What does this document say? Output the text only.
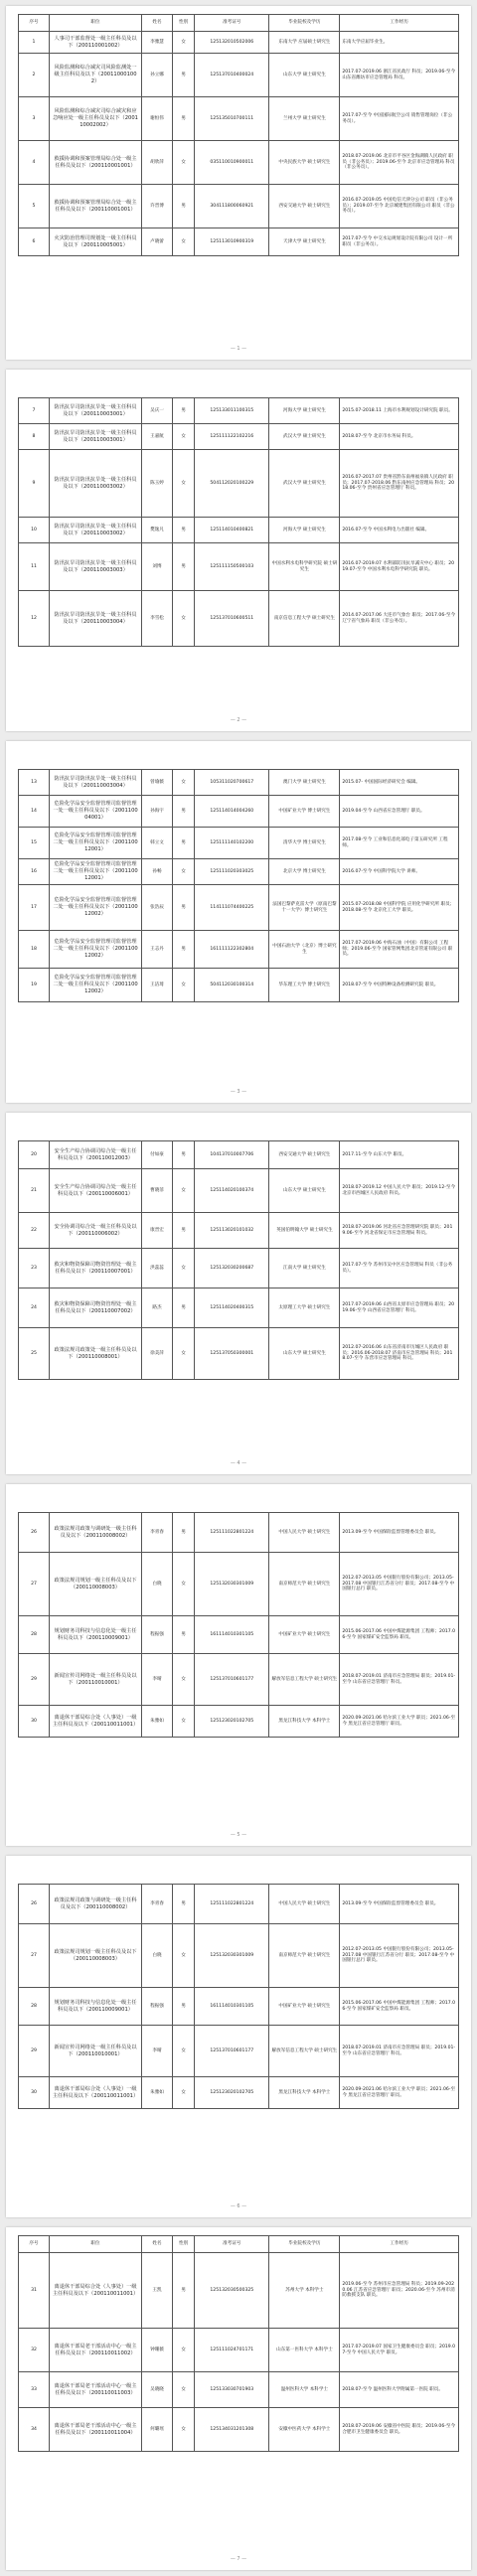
序号	职位	姓名	性别	准考证号	毕业院校及学历	工作经历
1	人事司干部监督处一级主任科员及以下（200110001002）	李雅慧	女	125132010502006	东南大学 应届硕士研究生	东南大学应届毕业生。
2	风险监测和综合减灾司风险监测处一级主任科员及以下（200110001002）	孙立娜	男	125137010400024	山东大学 硕士研究生	2017.07-2019.06 浙江省民政厅 科员；2019.06-至今 山东省潍坊市应急管理局 科员。
3	风险监测和综合减灾司综合减灾和应急响应处一级主任科员及以下（200110002002）	谢恒伟	男	125135010700111	兰州大学 硕士研究生	2017.07-至今 中国国际航空公司 销售管理岗位（非公务员）。
4	救援协调和预案管理局综合处一级主任科员及以下（200110001001）	胡欣萍	女	035110010900011	中央民族大学 硕士研究生	2018.07-2019.06 北京市平谷区金海湖镇人民政府 职员（非公务员）；2019.06-至今 北京市应急管理局 科员（非公务员）。
5	救援协调和预案管理局综合处一级主任科员及以下（200110001001）	许晋博	男	304111800060921	西安交通大学 硕士研究生	2016.07-2019.05 中国电信天津分公司 职员（非公务员）；2019.07-至今 北京城建集团有限公司 职员（非公务员）。
6	火灾防治管理司规划处一级主任科员及以下（200110005001）	卢晓蕾	女	125113010900319	天津大学 硕士研究生	2017.07-至今 中交水运规划设计院有限公司 设计一所 职员（非公务员）。
— 1 —
7	防汛抗旱司防汛抗旱处一级主任科员及以下（200110003001）	吴庆一	男	125133011100315	河海大学 硕士研究生	2015.07-2018.11 上海市水利规划设计研究院 职员。
8	防汛抗旱司防汛抗旱处一级主任科员及以下（200110003001）	王嘉航	女	125111122102216	武汉大学 硕士研究生	2018.07-至今 北京市水务局 科员。
9	防汛抗旱司防汛抗旱处一级主任科员及以下（200110003002）	陈玉婷	女	504112020100229	武汉大学 硕士研究生	2016.07-2017.07 贵州省黔东南州福泉镇人民政府 职员；2017.07-2018.06 黔东南州应急管理局 科员；2018.06-至今 贵州省应急管理厅 科员。
10	防汛抗旱司防汛抗旱处一级主任科员及以下（200110003002）	樊逸凡	男	125114010400821	河海大学 硕士研究生	2016.07-至今 中国水利电力出版社 编辑。
11	防汛抗旱司防汛抗旱处一级主任科员及以下（200110003003）	刘博	男	125111150500103	中国水利水电科学研究院 硕士研究生	2016.07-2019.07 水利部防汛抗旱减灾中心 职员；2019.07-至今 中国水利水电科学研究院 职员。
12	防汛抗旱司防汛抗旱处一级主任科员及以下（200110003004）	李雪松	女	125137010600511	南京信息工程大学 硕士研究生	2014.07-2017.06 大连市气象台 职员；2017.06-至今 辽宁省气象局 职员（非公务员）。
— 2 —
13	防汛抗旱司防汛抗旱处一级主任科员及以下（200110003004）	曾瑜薇	女	105311020700617	澳门大学 硕士研究生	2015.07- 中国国际经济研究会 编辑。
14	危险化学品安全监督管理司监督管理一处一级主任科员及以下（200110004001）	孙海宇	男	125114014004260	中国矿业大学 博士研究生	2019.04-至今 山西省应急管理厅 职员。
15	危险化学品安全监督管理司监督管理二处一级主任科员及以下（200110012001）	韩立文	男	125111140102200	清华大学 博士研究生	2017.08-至今 工业和信息化部电子第五研究所 工程师。
16	危险化学品安全监督管理司监督管理二处一级主任科员及以下（200110012001）	孙畅	女	125111020303025	北京大学 博士研究生	2016.07-至今 中国科学院大学 讲师。
17	危险化学品安全监督管理司监督管理二处一级主任科员及以下（200110012002）	张浩辰	男	114111074400225	法国巴黎萨克雷大学（原南巴黎十一大学）博士研究生	2015.07-2018.08 中国科学院 应用化学研究所 职员；2018.08-至今 北京化工大学 职员。
18	危险化学品安全监督管理司监督管理二处一级主任科员及以下（200110012002）	王志丹	男	161111122302804	中国石油大学（北京）博士研究生	2017.07-2019.06 中海石油（中国）有限公司 工程师；2019.06-至今 国家管网集团北京管道有限公司 职员。
19	危险化学品安全监督管理司监督管理二处一级主任科员及以下（200110012002）	王洁琦	女	504112030100314	华东理工大学 博士研究生	2018.07-至今 中国特种设备检测研究院 职员。
— 3 —
20	安全生产综合协调司综合处一级主任科员及以下（200110012003）	付如豪	男	104137010007706	西安交通大学 硕士研究生	2017.11-至今 山东大学 职员。
21	安全生产综合协调司综合处一级主任科员及以下（200110006001）	曹晓菲	女	125114020100374	山东大学 硕士研究生	2018.07-2019.12 中国人民大学 职员；2019.12-至今 北京市西城区人民政府 科员。
22	安全协调司综合处一级主任科员及以下（200110006002）	康晋宏	男	125113020101032	英国伯明翰大学 硕士研究生	2018.07-2019.06 河北省应急管理研究院 职员；2019.06-至今 河北省保定市应急管理局 科员。
23	救灾和物资保障司物资管理处一级主任科员及以下（200110007001）	洪蕊蕊	女	125132030200687	江南大学 硕士研究生	2017.07-至今 苏州市吴中区应急管理局 科员（非公务员）。
24	救灾和物资保障司物资管理处一级主任科员及以下（200110007002）	路杰	男	125114020400315	太原理工大学 硕士研究生	2017.07-2019.06 山西省太原市应急管理局 职员；2019.06-至今 山西省应急管理厅 科员。
25	政策法规司政策处一级主任科员及以下（200110008001）	徐美萍	女	125137050300001	山东大学 硕士研究生	2012.07-2016.06 山东省济南市历城区人民政府 职员；2016.06-2018.07 济南市应急管理局 科员；2018.07-至今 东营市应急管理局 科员。
— 4 —
26	政策法规司政策与调研处一级主任科员及以下（200110008002）	李青春	男	125111022801224	中国人民大学 硕士研究生	2013.09-至今 中国保险监督管理委员会 职员。
27	政策法规司规划一级主任科员及以下（200110008003）	白晓	女	125132030301009	南京师范大学 硕士研究生	2012.07-2013.05 中国银行股份有限公司；2013.05-2017.08 中国银行江苏省分行 职员；2017.08-至今 中国银行总行 职员。
28	规划财务司科技与信息化处一级主任科员及以下（200110009001）	程振强	男	161114010301105	中国矿业大学 硕士研究生	2015.06-2017.06 中国中煤能源集团 工程师；2017.06-至今 国家煤矿安全监察局 职员。
29	新闻宣传司网络处一级主任科员及以下（200110010001）	李晴	女	125137010601177	解放军信息工程大学 硕士研究生	2018.07-2019.01 济南市应急管理局 职员；2019.01-至今 山东省应急管理厅 科员。
30	离退休干部局综合处（人事处）一级主任科员及以下（200110011001）	朱雅如	女	125123020102705	黑龙江科技大学 本科学士	2020.09-2021.06 哈尔滨工业大学 职员；2021.06-至今 黑龙江省应急管理厅 职员。
— 5 —
26	政策法规司政策与调研处一级主任科员及以下（200110008002）	李青春	男	125111022801224	中国人民大学 硕士研究生	2013.09-至今 中国保险监督管理委员会 职员。
27	政策法规司规划一级主任科员及以下（200110008003）	白晓	女	125132030301009	南京师范大学 硕士研究生	2012.07-2013.05 中国银行股份有限公司；2013.05-2017.08 中国银行江苏省分行 职员；2017.08-至今 中国银行总行 职员。
28	规划财务司科技与信息化处一级主任科员及以下（200110009001）	程振强	男	161114010301105	中国矿业大学 硕士研究生	2015.06-2017.06 中国中煤能源集团 工程师；2017.06-至今 国家煤矿安全监察局 职员。
29	新闻宣传司网络处一级主任科员及以下（200110010001）	李晴	女	125137010601177	解放军信息工程大学 硕士研究生	2018.07-2019.01 济南市应急管理局 职员；2019.01-至今 山东省应急管理厅 科员。
30	离退休干部局综合处（人事处）一级主任科员及以下（200110011001）	朱雅如	女	125123020102705	黑龙江科技大学 本科学士	2020.09-2021.06 哈尔滨工业大学 职员；2021.06-至今 黑龙江省应急管理厅 职员。
— 6 —
序号	职位	姓名	性别	准考证号	毕业院校及学历	工作经历
31	离退休干部局综合处（人事处）一级主任科员及以下（200110011001）	王凯	男	125132030500325	苏州大学 本科学士	2019.06-至今 苏州市应急管理局 科员；2019.09-2020.06 江苏省应急管理厅 职员；2020.06-至今 苏州市消防救援支队 职员。
32	离退休干部局老干部活动中心一级主任科员及以下（200110011002）	钟珊薇	女	125111024701171	山东第一医科大学 本科学士	2017.07-2019.07 国家卫生健康委员会 职员；2019.07-至今 中国人民大学 职员。
33	离退休干部局老干部活动中心一级主任科员及以下（200110011003）	吴晓晓	女	125133030701903	温州医科大学 本科学士	2018.07-至今 温州医科大学附属第一医院 职员。
34	离退休干部局老干部活动中心一级主任科员及以下（200110011004）	何璐瑶	女	125134031201308	安徽中医药大学 本科学士	2018.07-2019.06 安徽省中医院 职员；2019.06-至今 合肥市卫生健康委员会 职员。
— 7 —
